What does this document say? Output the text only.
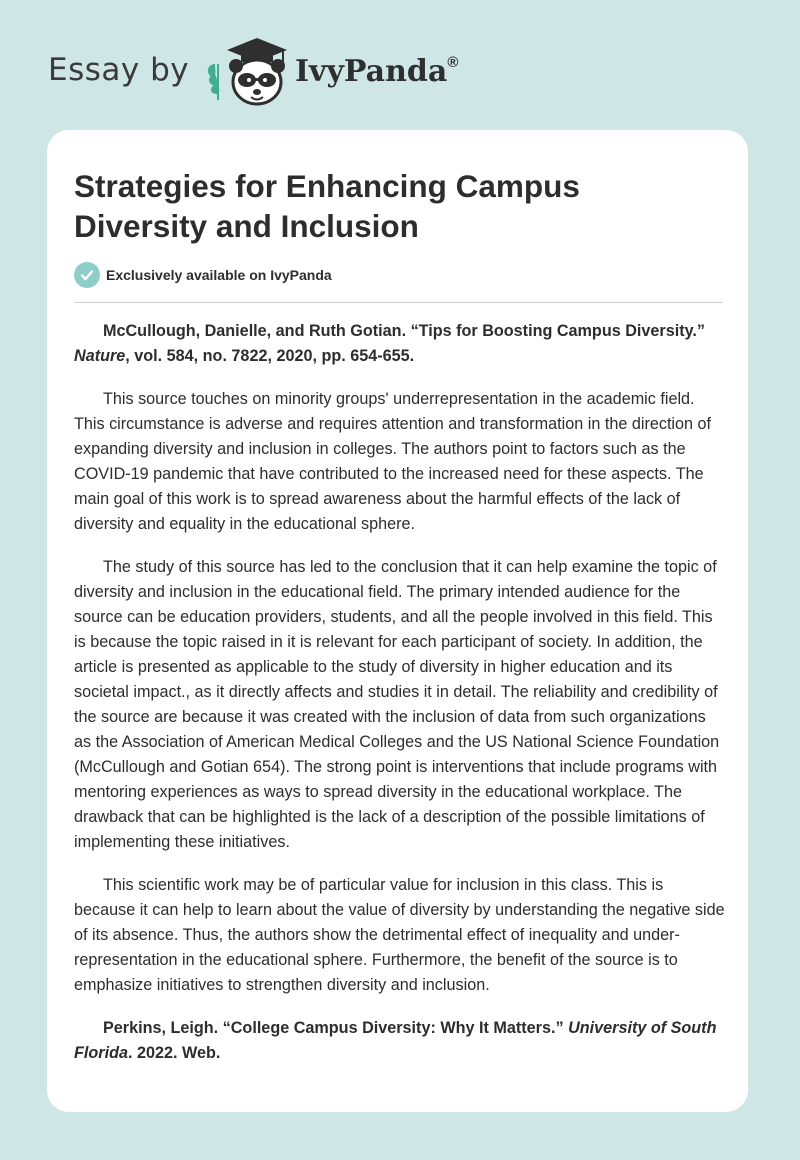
Essay by	IvyPanda®
Strategies for Enhancing Campus Diversity and Inclusion
Exclusively available on IvyPanda

McCullough, Danielle, and Ruth Gotian. “Tips for Boosting Campus Diversity.” Nature, vol. 584, no. 7822, 2020, pp. 654-655.

This source touches on minority groups' underrepresentation in the academic field. This circumstance is adverse and requires attention and transformation in the direction of expanding diversity and inclusion in colleges. The authors point to factors such as the COVID-19 pandemic that have contributed to the increased need for these aspects. The main goal of this work is to spread awareness about the harmful effects of the lack of diversity and equality in the educational sphere.

The study of this source has led to the conclusion that it can help examine the topic of diversity and inclusion in the educational field. The primary intended audience for the source can be education providers, students, and all the people involved in this field. This is because the topic raised in it is relevant for each participant of society. In addition, the article is presented as applicable to the study of diversity in higher education and its societal impact., as it directly affects and studies it in detail. The reliability and credibility of the source are because it was created with the inclusion of data from such organizations as the Association of American Medical Colleges and the US National Science Foundation (McCullough and Gotian 654). The strong point is interventions that include programs with mentoring experiences as ways to spread diversity in the educational workplace. The drawback that can be highlighted is the lack of a description of the possible limitations of implementing these initiatives.

This scientific work may be of particular value for inclusion in this class. This is because it can help to learn about the value of diversity by understanding the negative side of its absence. Thus, the authors show the detrimental effect of inequality and under-representation in the educational sphere. Furthermore, the benefit of the source is to emphasize initiatives to strengthen diversity and inclusion.

Perkins, Leigh. “College Campus Diversity: Why It Matters.” University of South Florida. 2022. Web.
